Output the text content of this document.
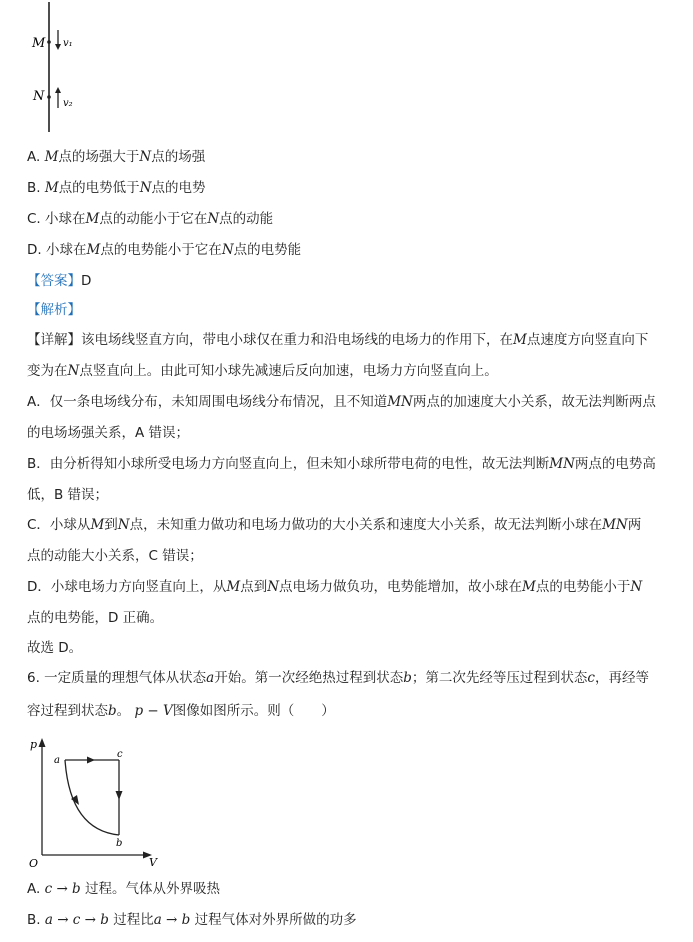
M
N
v₁
v₂
A. M点的场强大于N点的场强
B. M点的电势低于N点的电势
C. 小球在M点的动能小于它在N点的动能
D. 小球在M点的电势能小于它在N点的电势能
【答案】D
【解析】
【详解】该电场线竖直方向，带电小球仅在重力和沿电场线的电场力的作用下，在M点速度方向竖直向下
变为在N点竖直向上。由此可知小球先减速后反向加速，电场力方向竖直向上。
A．仅一条电场线分布，未知周围电场线分布情况，且不知道MN两点的加速度大小关系，故无法判断两点
的电场场强关系，A 错误；
B．由分析得知小球所受电场力方向竖直向上，但未知小球所带电荷的电性，故无法判断MN两点的电势高
低，B 错误；
C．小球从M到N点，未知重力做功和电场力做功的大小关系和速度大小关系，故无法判断小球在MN两
点的动能大小关系，C 错误；
D．小球电场力方向竖直向上，从M点到N点电场力做负功，电势能增加，故小球在M点的电势能小于N
点的电势能，D 正确。
故选 D。
6. 一定质量的理想气体从状态a开始。第一次经绝热过程到状态b；第二次先经等压过程到状态c，再经等
容过程到状态b。 p − V图像如图所示。则（　　）
p
V
O
a
c
b
A. c → b 过程。气体从外界吸热
B. a → c → b 过程比a → b 过程气体对外界所做的功多
